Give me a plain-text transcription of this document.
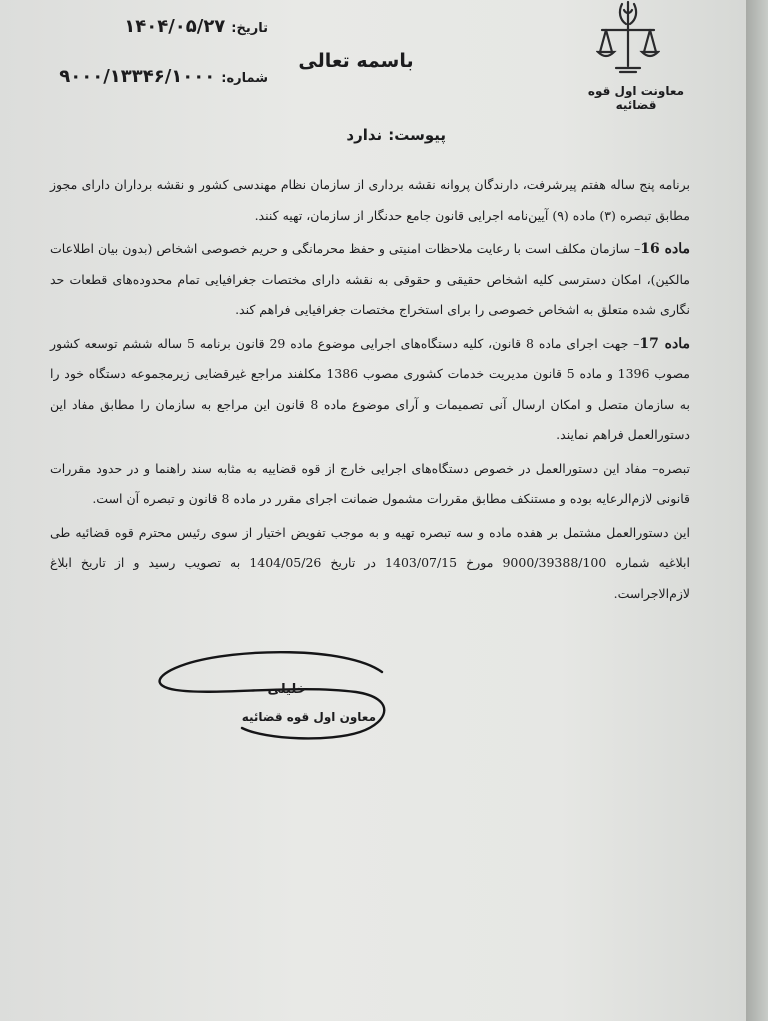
معاونت اول قوه قضائیه
باسمه تعالی
تاریخ:
۱۴۰۴/۰۵/۲۷
شماره:
۹۰۰۰/۱۳۳۴۶/۱۰۰۰
پیوست:ندارد

برنامه پنج ساله هفتم پیرشرفت، دارندگان پروانه نقشه برداری از سازمان نظام مهندسی کشور و نقشه برداران دارای مجوز مطابق تبصره (۳) ماده (۹) آیین‌نامه اجرایی قانون جامع حدنگار از سازمان، تهیه کنند.

ماده 16– سازمان مکلف است با رعایت ملاحظات امنیتی و حفظ محرمانگی و حریم خصوصی اشخاص (بدون بیان اطلاعات مالکین)، امکان دسترسی کلیه اشخاص حقیقی و حقوقی به نقشه دارای مختصات جغرافیایی تمام محدوده‌های قطعات حد نگاری شده متعلق به اشخاص خصوصی را برای استخراج مختصات جغرافیایی فراهم کند.

ماده 17– جهت اجرای ماده 8 قانون، کلیه دستگاه‌های اجرایی موضوع ماده 29 قانون برنامه 5 ساله ششم توسعه کشور مصوب 1396 و ماده 5 قانون مدیریت خدمات کشوری مصوب 1386 مکلفند مراجع غیرقضایی زیرمجموعه دستگاه خود را به سازمان متصل و امکان ارسال آنی تصمیمات و آرای موضوع ماده 8 قانون این مراجع به سازمان را مطابق مفاد این دستورالعمل فراهم نمایند.

تبصره– مفاد این دستورالعمل در خصوص دستگاه‌های اجرایی خارج از قوه قضاییه به مثابه سند راهنما و در حدود مقررات قانونی لازم‌الرعایه بوده و مستنکف مطابق مقررات مشمول ضمانت اجرای مقرر در ماده 8 قانون و تبصره آن است.

این دستورالعمل مشتمل بر هفده ماده و سه تبصره تهیه و به موجب تفویض اختیار از سوی رئیس محترم قوه قضائیه طی ابلاغیه شماره 9000/39388/100 مورخ 1403/07/15 در تاریخ 1404/05/26 به تصویب رسید و از تاریخ ابلاغ لازم‌الاجراست.

خلیلی
معاون اول قوه قضائیه
